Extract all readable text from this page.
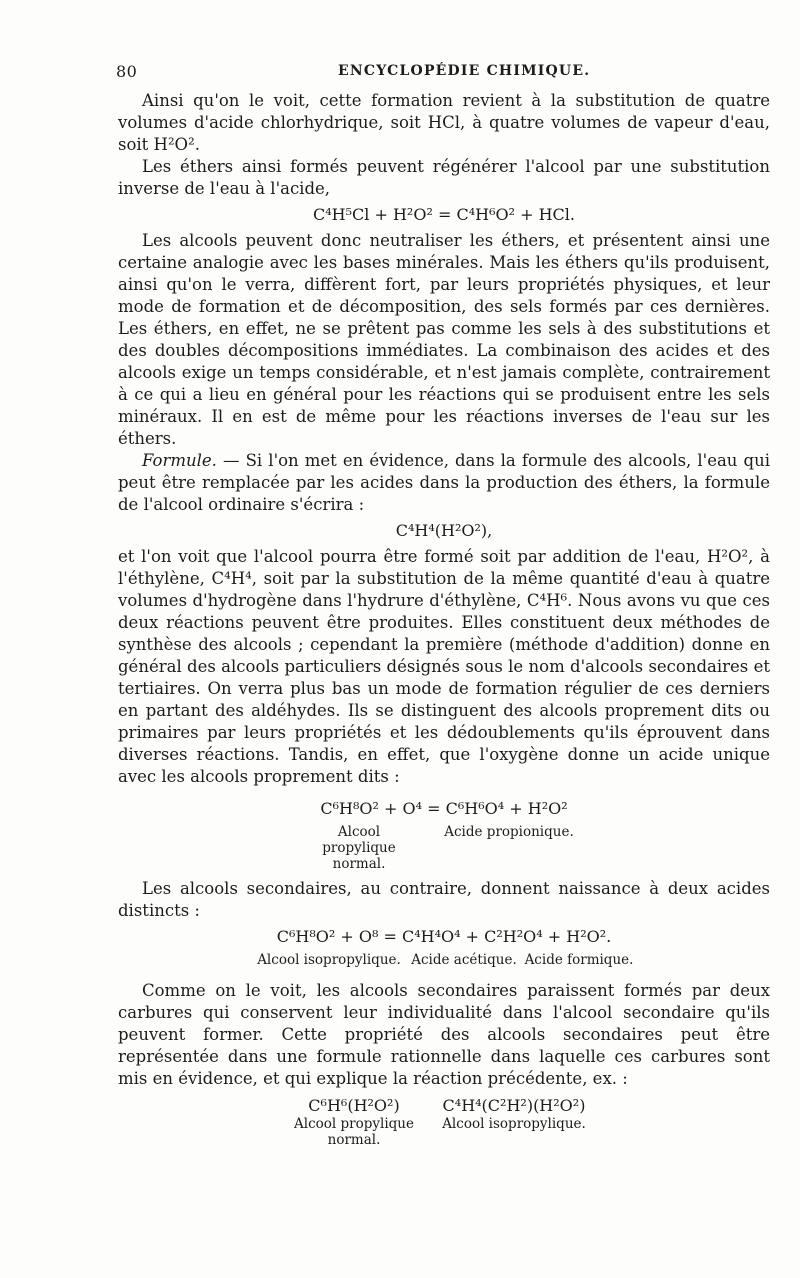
80	ENCYCLOPÉDIE CHIMIQUE.

Ainsi qu'on le voit, cette formation revient à la substitution de quatre volumes d'acide chlorhydrique, soit HCl, à quatre volumes de vapeur d'eau, soit H²O².

Les éthers ainsi formés peuvent régénérer l'alcool par une substitution inverse de l'eau à l'acide,

C⁴H⁵Cl + H²O² = C⁴H⁶O² + HCl.

Les alcools peuvent donc neutraliser les éthers, et présentent ainsi une certaine analogie avec les bases minérales. Mais les éthers qu'ils produisent, ainsi qu'on le verra, diffèrent fort, par leurs propriétés physiques, et leur mode de formation et de décomposition, des sels formés par ces dernières. Les éthers, en effet, ne se prêtent pas comme les sels à des substitutions et des doubles décompositions immédiates. La combinaison des acides et des alcools exige un temps considérable, et n'est jamais complète, contrairement à ce qui a lieu en général pour les réactions qui se produisent entre les sels minéraux. Il en est de même pour les réactions inverses de l'eau sur les éthers.

Formule. — Si l'on met en évidence, dans la formule des alcools, l'eau qui peut être remplacée par les acides dans la production des éthers, la formule de l'alcool ordinaire s'écrira :

C⁴H⁴(H²O²),

et l'on voit que l'alcool pourra être formé soit par addition de l'eau, H²O², à l'éthylène, C⁴H⁴, soit par la substitution de la même quantité d'eau à quatre volumes d'hydrogène dans l'hydrure d'éthylène, C⁴H⁶. Nous avons vu que ces deux réactions peuvent être produites. Elles constituent deux méthodes de synthèse des alcools ; cependant la première (méthode d'addition) donne en général des alcools particuliers désignés sous le nom d'alcools secondaires et tertiaires. On verra plus bas un mode de formation régulier de ces derniers en partant des aldéhydes. Ils se distinguent des alcools proprement dits ou primaires par leurs propriétés et les dédoublements qu'ils éprouvent dans diverses réactions. Tandis, en effet, que l'oxygène donne un acide unique avec les alcools proprement dits :

C⁶H⁸O² + O⁴ = C⁶H⁶O⁴ + H²O²
Alcool propylique normal.
Acide propionique.

Les alcools secondaires, au contraire, donnent naissance à deux acides distincts :

C⁶H⁸O² + O⁸ = C⁴H⁴O⁴ + C²H²O⁴ + H²O².
Alcool isopropylique. Acide acétique. Acide formique.

Comme on le voit, les alcools secondaires paraissent formés par deux carbures qui conservent leur individualité dans l'alcool secondaire qu'ils peuvent former. Cette propriété des alcools secondaires peut être représentée dans une formule rationnelle dans laquelle ces carbures sont mis en évidence, et qui explique la réaction précédente, ex. :

C⁶H⁶(H²O²)	C⁴H⁴(C²H²)(H²O²)
Alcool propylique normal.
Alcool isopropylique.
